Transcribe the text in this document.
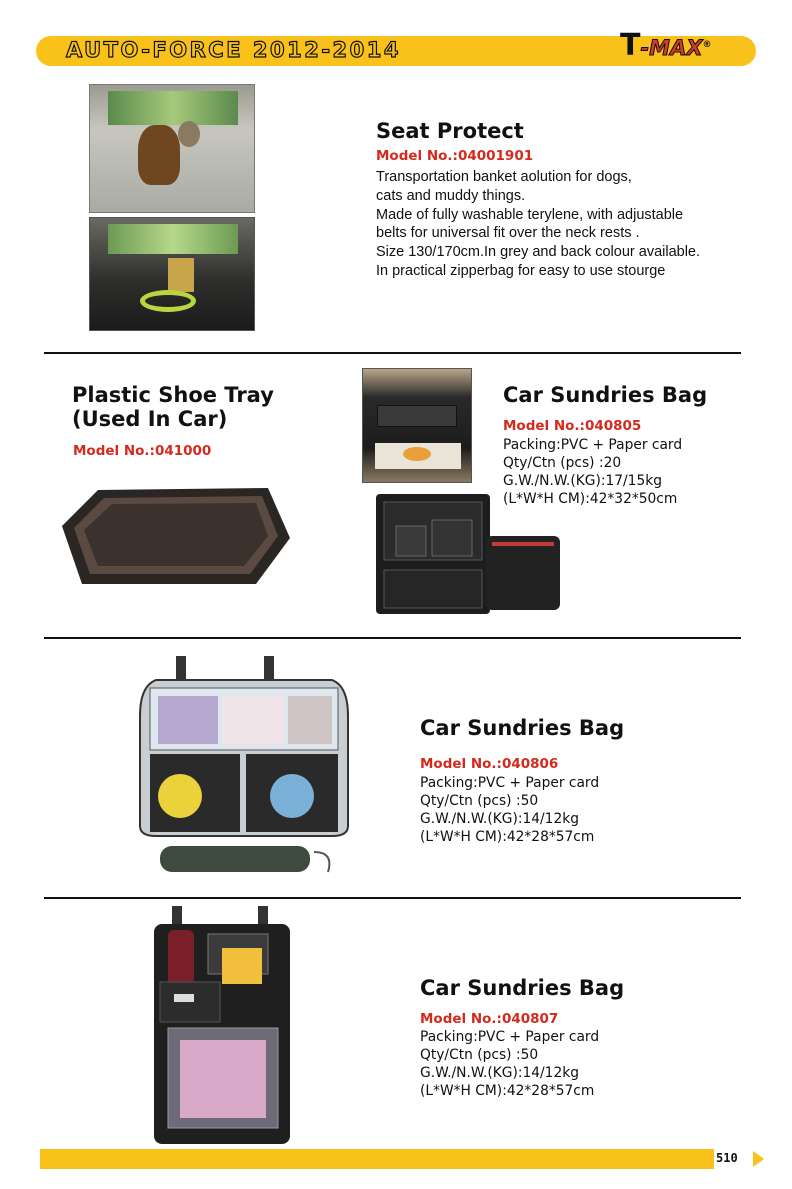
AUTO-FORCE 2012-2014	T-MAX®
Seat Protect
Model No.:04001901
Transportation banket aolution for dogs,
cats and muddy things.
Made of fully washable terylene, with adjustable
belts for universal fit over the neck rests .
Size 130/170cm.In grey and back colour available.
In practical zipperbag for easy to use stourge
Plastic Shoe Tray
(Used In Car)
Model No.:041000
Car Sundries Bag
Model No.:040805
Packing:PVC + Paper card
Qty/Ctn (pcs) :20
G.W./N.W.(KG):17/15kg
(L*W*H CM):42*32*50cm
Car Sundries Bag
Model No.:040806
Packing:PVC + Paper card
Qty/Ctn (pcs) :50
G.W./N.W.(KG):14/12kg
(L*W*H CM):42*28*57cm
Car Sundries Bag
Model No.:040807
Packing:PVC + Paper card
Qty/Ctn (pcs) :50
G.W./N.W.(KG):14/12kg
(L*W*H CM):42*28*57cm
510
